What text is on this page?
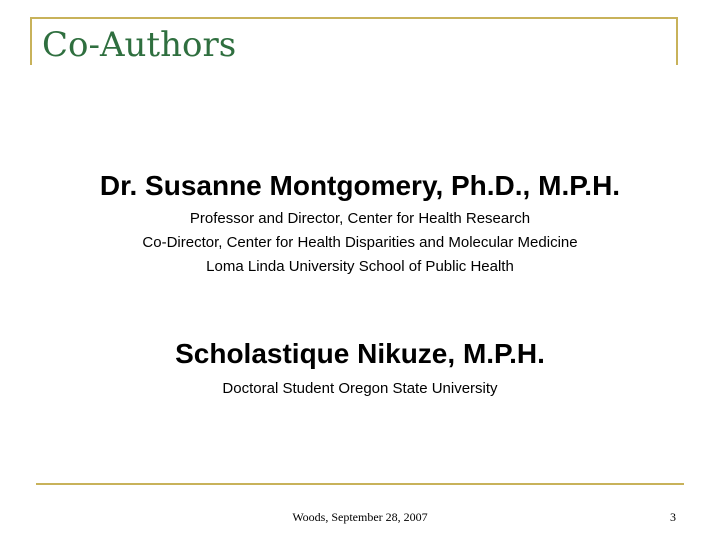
Co-Authors
Dr. Susanne Montgomery, Ph.D., M.P.H.
Professor and Director, Center for Health Research
Co-Director, Center for Health Disparities and Molecular Medicine
Loma Linda University School of Public Health
Scholastique Nikuze, M.P.H.
Doctoral Student Oregon State University
Woods, September 28, 2007	3
